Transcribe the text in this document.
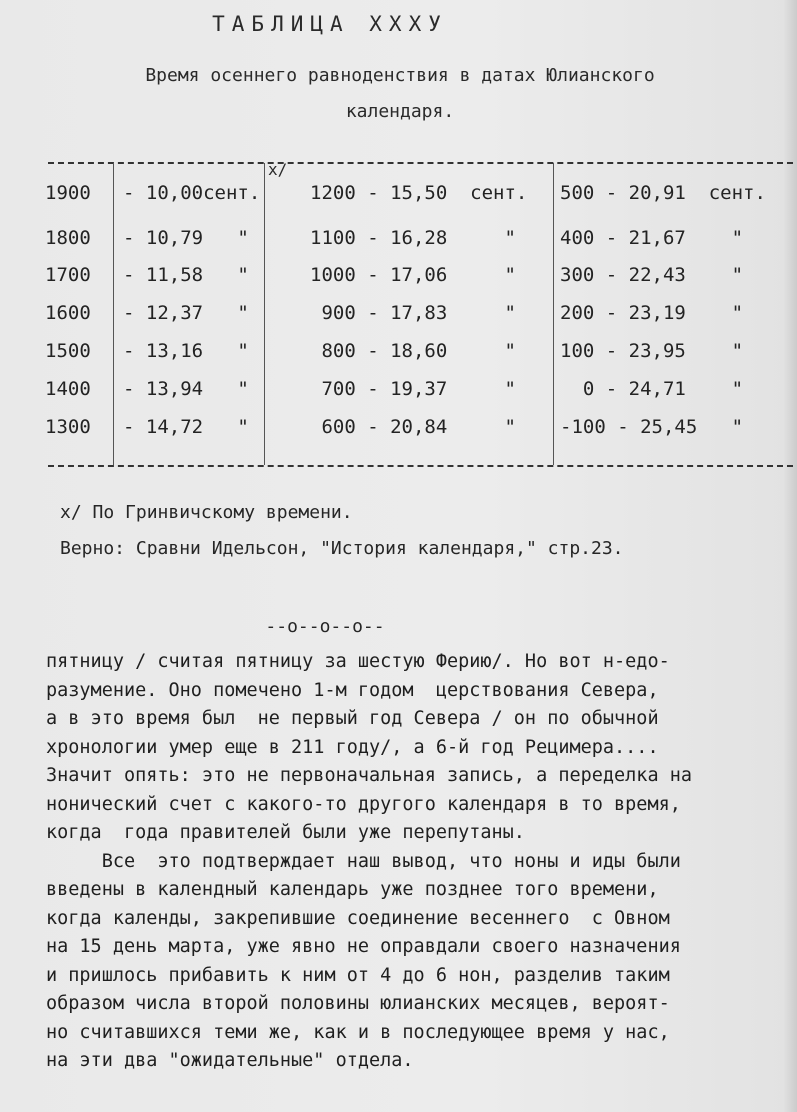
ТАБЛИЦА ХХХУ
Время осеннего равноденствия в датах Юлианского
календаря.
х/
1900 - 10,00сент.	1200 - 15,50  сент. 500 - 20,91  сент.
1800 - 10,79   "	1100 - 16,28     " 400 - 21,67    "
1700 - 11,58   "	1000 - 17,06     " 300 - 22,43    "
1600 - 12,37   "	900 - 17,83     " 200 - 23,19    "
1500 - 13,16   "	800 - 18,60     " 100 - 23,95    "
1400 - 13,94   "	700 - 19,37     " 0 - 24,71    "
1300 - 14,72   "	600 - 20,84     " -100 - 25,45   "
х/ По Гринвичскому времени.
Верно: Сравни Идельсон, "История календаря," стр.23.
--о--о--о--
пятницу / считая пятницу за шестую Ферию/. Но вот н-едо-
разумение. Оно помечено 1-м годом  церствования Севера,
а в это время был  не первый год Севера / он по обычной
хронологии умер еще в 211 году/, а 6-й год Рецимера....
Значит опять: это не первоначальная запись, а переделка на
нонический счет с какого-то другого календаря в то время,
когда  года правителей были уже перепутаны.
Все  это подтверждает наш вывод, что ноны и иды были
введены в календный календарь уже позднее того времени,
когда календы, закрепившие соединение весеннего  с Овном
на 15 день марта, уже явно не оправдали своего назначения
и пришлось прибавить к ним от 4 до 6 нон, разделив таким
образом числа второй половины юлианских месяцев, вероят-
но считавшихся теми же, как и в последующее время у нас,
на эти два "ожидательные" отдела.
